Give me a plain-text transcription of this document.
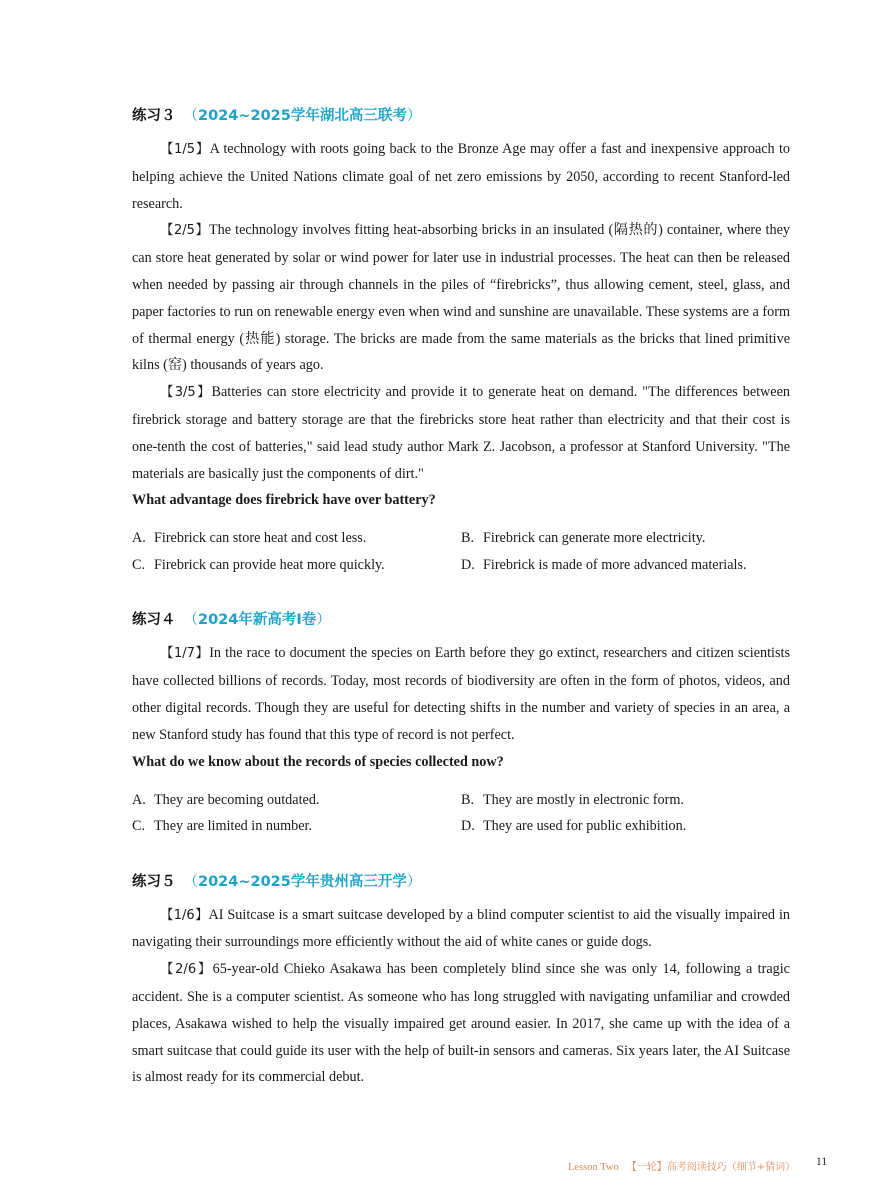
练习３ （2024~2025学年湖北高三联考）

【1/5】A technology with roots going back to the Bronze Age may offer a fast and inexpensive approach to helping achieve the United Nations climate goal of net zero emissions by 2050, according to recent Stanford-led research.

【2/5】The technology involves fitting heat-absorbing bricks in an insulated (隔热的) container, where they can store heat generated by solar or wind power for later use in industrial processes. The heat can then be released when needed by passing air through channels in the piles of “firebricks”, thus allowing cement, steel, glass, and paper factories to run on renewable energy even when wind and sunshine are unavailable. These systems are a form of thermal energy (热能) storage. The bricks are made from the same materials as the bricks that lined primitive kilns (窑) thousands of years ago.

【3/5】Batteries can store electricity and provide it to generate heat on demand. "The differences between firebrick storage and battery storage are that the firebricks store heat rather than electricity and that their cost is one-tenth the cost of batteries," said lead study author Mark Z. Jacobson, a professor at Stanford University. "The materials are basically just the components of dirt."

What advantage does firebrick have over battery?

A. Firebrick can store heat and cost less.	B. Firebrick can generate more electricity.
C. Firebrick can provide heat more quickly.	D. Firebrick is made of more advanced materials.
练习４ （2024年新高考I卷）

【1/7】In the race to document the species on Earth before they go extinct, researchers and citizen scientists have collected billions of records. Today, most records of biodiversity are often in the form of photos, videos, and other digital records. Though they are useful for detecting shifts in the number and variety of species in an area, a new Stanford study has found that this type of record is not perfect.

What do we know about the records of species collected now?

A. They are becoming outdated.	B. They are mostly in electronic form.
C. They are limited in number.	D. They are used for public exhibition.
练习５ （2024~2025学年贵州高三开学）

【1/6】AI Suitcase is a smart suitcase developed by a blind computer scientist to aid the visually impaired in navigating their surroundings more efficiently without the aid of white canes or guide dogs.

【2/6】65-year-old Chieko Asakawa has been completely blind since she was only 14, following a tragic accident. She is a computer scientist. As someone who has long struggled with navigating unfamiliar and crowded places, Asakawa wished to help the visually impaired get around easier. In 2017, she came up with the idea of a smart suitcase that could guide its user with the help of built-in sensors and cameras. Six years later, the AI Suitcase is almost ready for its commercial debut.

Lesson Two 【一轮】高考阅读技巧（细节+猜词）	11
